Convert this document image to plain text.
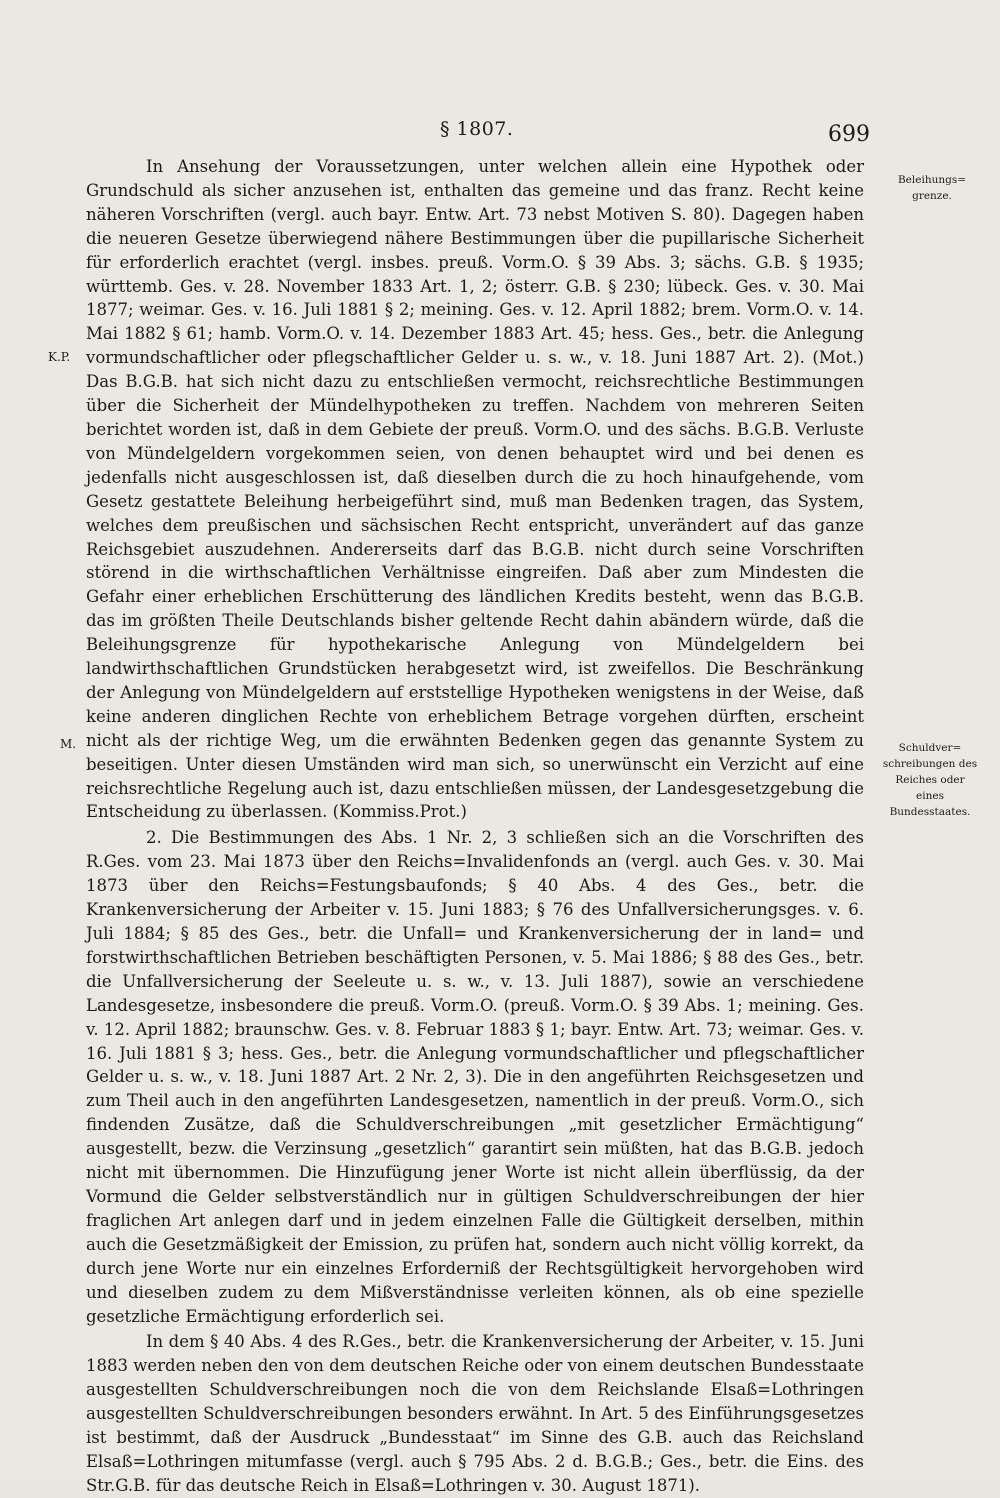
§ 1807.	699
K.P.
M.
Beleihungs=
grenze.
Schuldver=
schreibungen des
Reiches oder
eines
Bundesstaates.

In Ansehung der Voraussetzungen, unter welchen allein eine Hypothek oder Grundschuld als sicher anzusehen ist, enthalten das gemeine und das franz. Recht keine näheren Vorschriften (vergl. auch bayr. Entw. Art. 73 nebst Motiven S. 80). Dagegen haben die neueren Gesetze überwiegend nähere Bestimmungen über die pupillarische Sicherheit für erforderlich erachtet (vergl. insbes. preuß. Vorm.O. § 39 Abs. 3; sächs. G.B. § 1935; württemb. Ges. v. 28. November 1833 Art. 1, 2; österr. G.B. § 230; lübeck. Ges. v. 30. Mai 1877; weimar. Ges. v. 16. Juli 1881 § 2; meining. Ges. v. 12. April 1882; brem. Vorm.O. v. 14. Mai 1882 § 61; hamb. Vorm.O. v. 14. Dezember 1883 Art. 45; hess. Ges., betr. die Anlegung vormundschaftlicher oder pflegschaftlicher Gelder u. s. w., v. 18. Juni 1887 Art. 2). (Mot.) Das B.G.B. hat sich nicht dazu zu entschließen vermocht, reichsrechtliche Bestimmungen über die Sicherheit der Mündelhypotheken zu treffen. Nachdem von mehreren Seiten berichtet worden ist, daß in dem Gebiete der preuß. Vorm.O. und des sächs. B.G.B. Verluste von Mündelgeldern vorgekommen seien, von denen behauptet wird und bei denen es jedenfalls nicht ausgeschlossen ist, daß dieselben durch die zu hoch hinaufgehende, vom Gesetz gestattete Beleihung herbeigeführt sind, muß man Bedenken tragen, das System, welches dem preußischen und sächsischen Recht entspricht, unverändert auf das ganze Reichsgebiet auszudehnen. Andererseits darf das B.G.B. nicht durch seine Vorschriften störend in die wirthschaftlichen Verhältnisse eingreifen. Daß aber zum Mindesten die Gefahr einer erheblichen Erschütterung des ländlichen Kredits besteht, wenn das B.G.B. das im größten Theile Deutschlands bisher geltende Recht dahin abändern würde, daß die Beleihungsgrenze für hypothekarische Anlegung von Mündelgeldern bei landwirthschaftlichen Grundstücken herabgesetzt wird, ist zweifellos. Die Beschränkung der Anlegung von Mündelgeldern auf erststellige Hypotheken wenigstens in der Weise, daß keine anderen dinglichen Rechte von erheblichem Betrage vorgehen dürften, erscheint nicht als der richtige Weg, um die erwähnten Bedenken gegen das genannte System zu beseitigen. Unter diesen Umständen wird man sich, so unerwünscht ein Verzicht auf eine reichsrechtliche Regelung auch ist, dazu entschließen müssen, der Landesgesetzgebung die Entscheidung zu überlassen. (Kommiss.Prot.)

2. Die Bestimmungen des Abs. 1 Nr. 2, 3 schließen sich an die Vorschriften des R.Ges. vom 23. Mai 1873 über den Reichs=Invalidenfonds an (vergl. auch Ges. v. 30. Mai 1873 über den Reichs=Festungsbaufonds; § 40 Abs. 4 des Ges., betr. die Krankenversicherung der Arbeiter v. 15. Juni 1883; § 76 des Unfallversicherungsges. v. 6. Juli 1884; § 85 des Ges., betr. die Unfall= und Krankenversicherung der in land= und forstwirthschaftlichen Betrieben beschäftigten Personen, v. 5. Mai 1886; § 88 des Ges., betr. die Unfallversicherung der Seeleute u. s. w., v. 13. Juli 1887), sowie an verschiedene Landesgesetze, insbesondere die preuß. Vorm.O. (preuß. Vorm.O. § 39 Abs. 1; meining. Ges. v. 12. April 1882; braunschw. Ges. v. 8. Februar 1883 § 1; bayr. Entw. Art. 73; weimar. Ges. v. 16. Juli 1881 § 3; hess. Ges., betr. die Anlegung vormundschaftlicher und pflegschaftlicher Gelder u. s. w., v. 18. Juni 1887 Art. 2 Nr. 2, 3). Die in den angeführten Reichsgesetzen und zum Theil auch in den angeführten Landesgesetzen, namentlich in der preuß. Vorm.O., sich findenden Zusätze, daß die Schuldverschreibungen „mit gesetzlicher Ermächtigung“ ausgestellt, bezw. die Verzinsung „gesetzlich“ garantirt sein müßten, hat das B.G.B. jedoch nicht mit übernommen. Die Hinzufügung jener Worte ist nicht allein überflüssig, da der Vormund die Gelder selbstverständlich nur in gültigen Schuldverschreibungen der hier fraglichen Art anlegen darf und in jedem einzelnen Falle die Gültigkeit derselben, mithin auch die Gesetzmäßigkeit der Emission, zu prüfen hat, sondern auch nicht völlig korrekt, da durch jene Worte nur ein einzelnes Erforderniß der Rechtsgültigkeit hervorgehoben wird und dieselben zudem zu dem Mißverständnisse verleiten können, als ob eine spezielle gesetzliche Ermächtigung erforderlich sei.

In dem § 40 Abs. 4 des R.Ges., betr. die Krankenversicherung der Arbeiter, v. 15. Juni 1883 werden neben den von dem deutschen Reiche oder von einem deutschen Bundesstaate ausgestellten Schuldverschreibungen noch die von dem Reichslande Elsaß=Lothringen ausgestellten Schuldverschreibungen besonders erwähnt. In Art. 5 des Einführungsgesetzes ist bestimmt, daß der Ausdruck „Bundesstaat“ im Sinne des G.B. auch das Reichsland Elsaß=Lothringen mitumfasse (vergl. auch § 795 Abs. 2 d. B.G.B.; Ges., betr. die Eins. des Str.G.B. für das deutsche Reich in Elsaß=Lothringen v. 30. August 1871).
